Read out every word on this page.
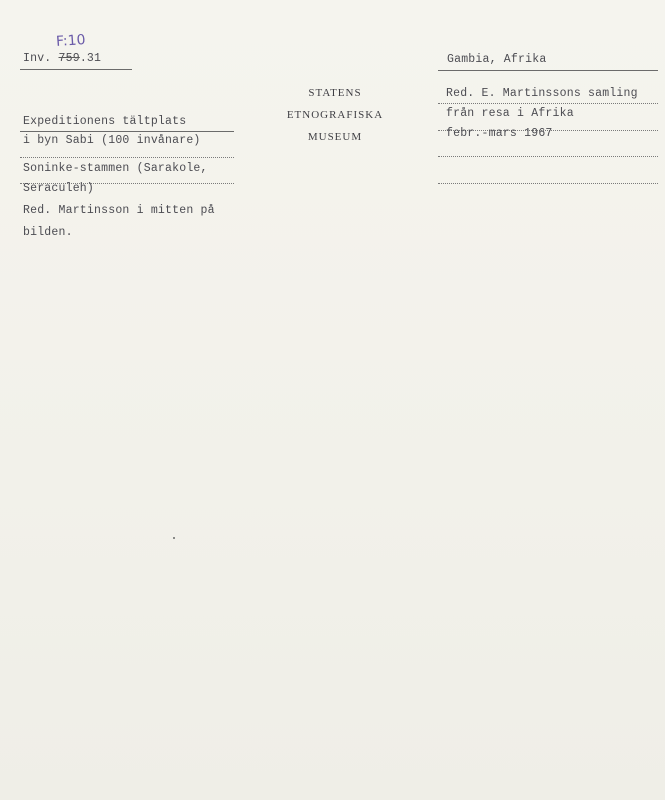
F:10
Inv. 759.31
STATENS
ETNOGRAFISKA
MUSEUM
Gambia, Afrika
Expeditionens tältplats
i byn Sabi (100 invånare)
Soninke-stammen (Sarakole,
Seraculeh)
Red. Martinsson i mitten på
bilden.
Red. E. Martinssons samling
från resa i Afrika
febr.-mars 1967
